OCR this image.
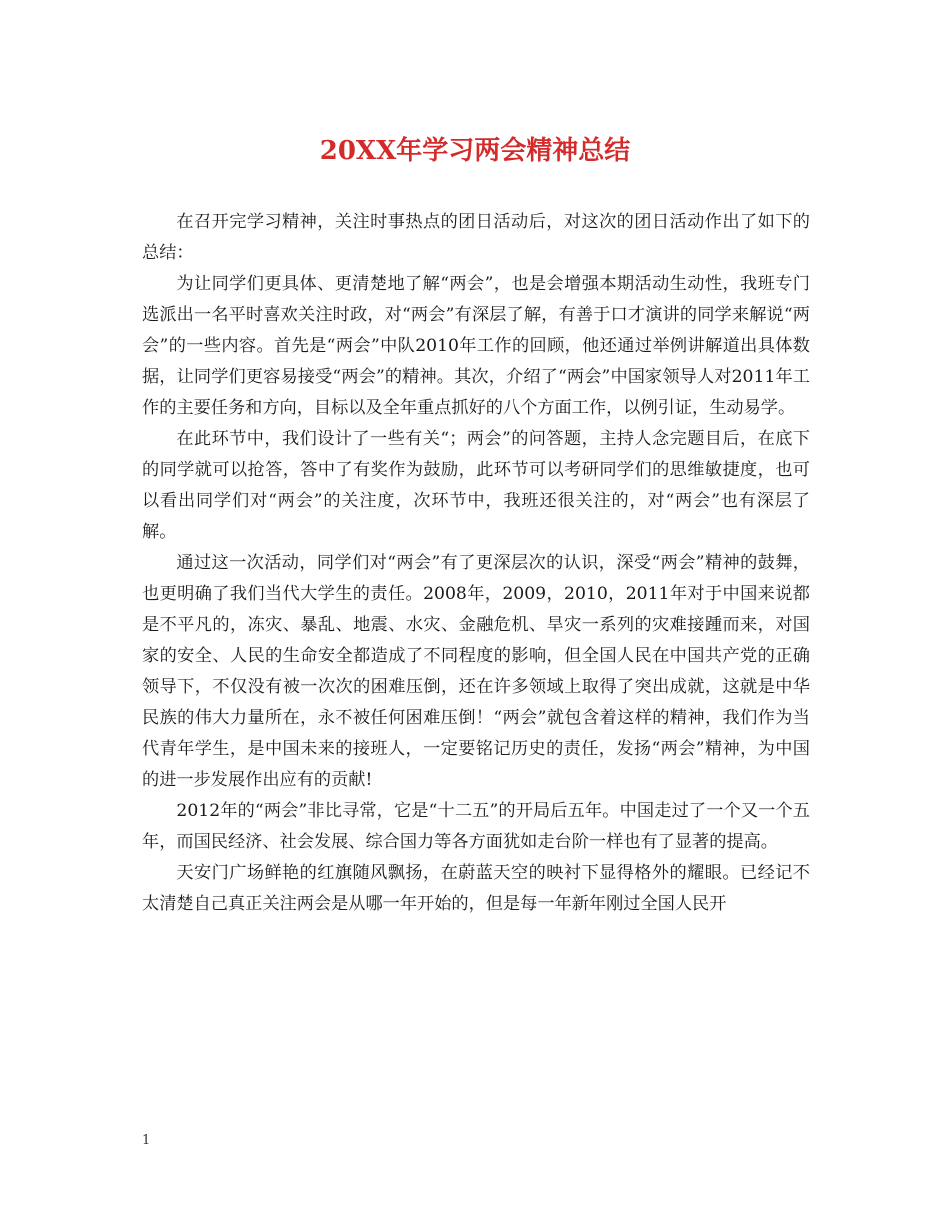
20XX年学习两会精神总结

在召开完学习精神，关注时事热点的团日活动后，对这次的团日活动作出了如下的总结：

为让同学们更具体、更清楚地了解“两会”，也是会增强本期活动生动性，我班专门选派出一名平时喜欢关注时政，对“两会”有深层了解，有善于口才演讲的同学来解说“两会”的一些内容。首先是“两会”中队2010年工作的回顾，他还通过举例讲解道出具体数据，让同学们更容易接受“两会”的精神。其次，介绍了“两会”中国家领导人对2011年工作的主要任务和方向，目标以及全年重点抓好的八个方面工作，以例引证，生动易学。

在此环节中，我们设计了一些有关“；两会”的问答题，主持人念完题目后，在底下的同学就可以抢答，答中了有奖作为鼓励，此环节可以考研同学们的思维敏捷度，也可以看出同学们对“两会”的关注度，次环节中，我班还很关注的，对“两会”也有深层了解。

通过这一次活动，同学们对“两会”有了更深层次的认识，深受“两会”精神的鼓舞，也更明确了我们当代大学生的责任。2008年，2009，2010，2011年对于中国来说都是不平凡的，冻灾、暴乱、地震、水灾、金融危机、旱灾一系列的灾难接踵而来，对国家的安全、人民的生命安全都造成了不同程度的影响，但全国人民在中国共产党的正确领导下，不仅没有被一次次的困难压倒，还在许多领域上取得了突出成就，这就是中华民族的伟大力量所在，永不被任何困难压倒！“两会”就包含着这样的精神，我们作为当代青年学生，是中国未来的接班人，一定要铭记历史的责任，发扬“两会”精神，为中国的进一步发展作出应有的贡献!

2012年的“两会”非比寻常，它是“十二五”的开局后五年。中国走过了一个又一个五年，而国民经济、社会发展、综合国力等各方面犹如走台阶一样也有了显著的提高。

天安门广场鲜艳的红旗随风飘扬，在蔚蓝天空的映衬下显得格外的耀眼。已经记不太清楚自己真正关注两会是从哪一年开始的，但是每一年新年刚过全国人民开

1
